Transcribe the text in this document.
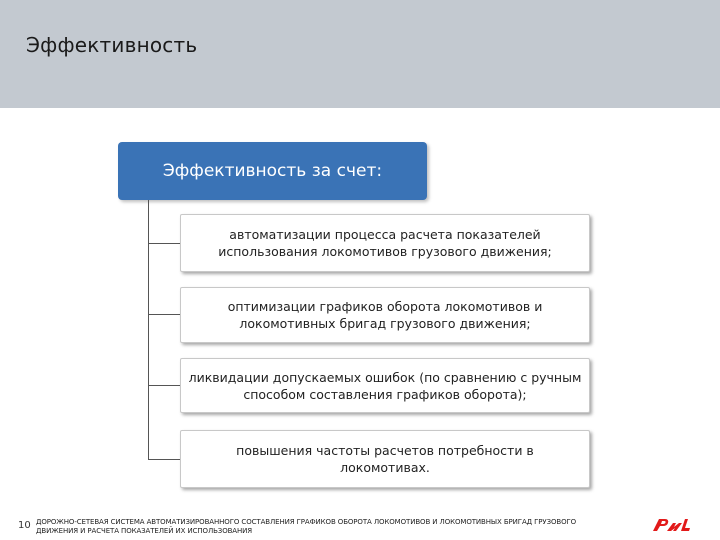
Эффективность
Эффективность за счет:
автоматизации процесса расчета показателей использования локомотивов грузового движения;
оптимизации графиков оборота локомотивов и локомотивных бригад грузового движения;
ликвидации допускаемых ошибок (по сравнению с ручным способом составления графиков оборота);
повышения частоты расчетов потребности в локомотивах.
10 ДОРОЖНО-СЕТЕВАЯ СИСТЕМА АВТОМАТИЗИРОВАННОГО СОСТАВЛЕНИЯ ГРАФИКОВ ОБОРОТА ЛОКОМОТИВОВ И ЛОКОМОТИВНЫХ БРИГАД ГРУЗОВОГО ДВИЖЕНИЯ И РАСЧЕТА ПОКАЗАТЕЛЕЙ ИХ ИСПОЛЬЗОВАНИЯ
